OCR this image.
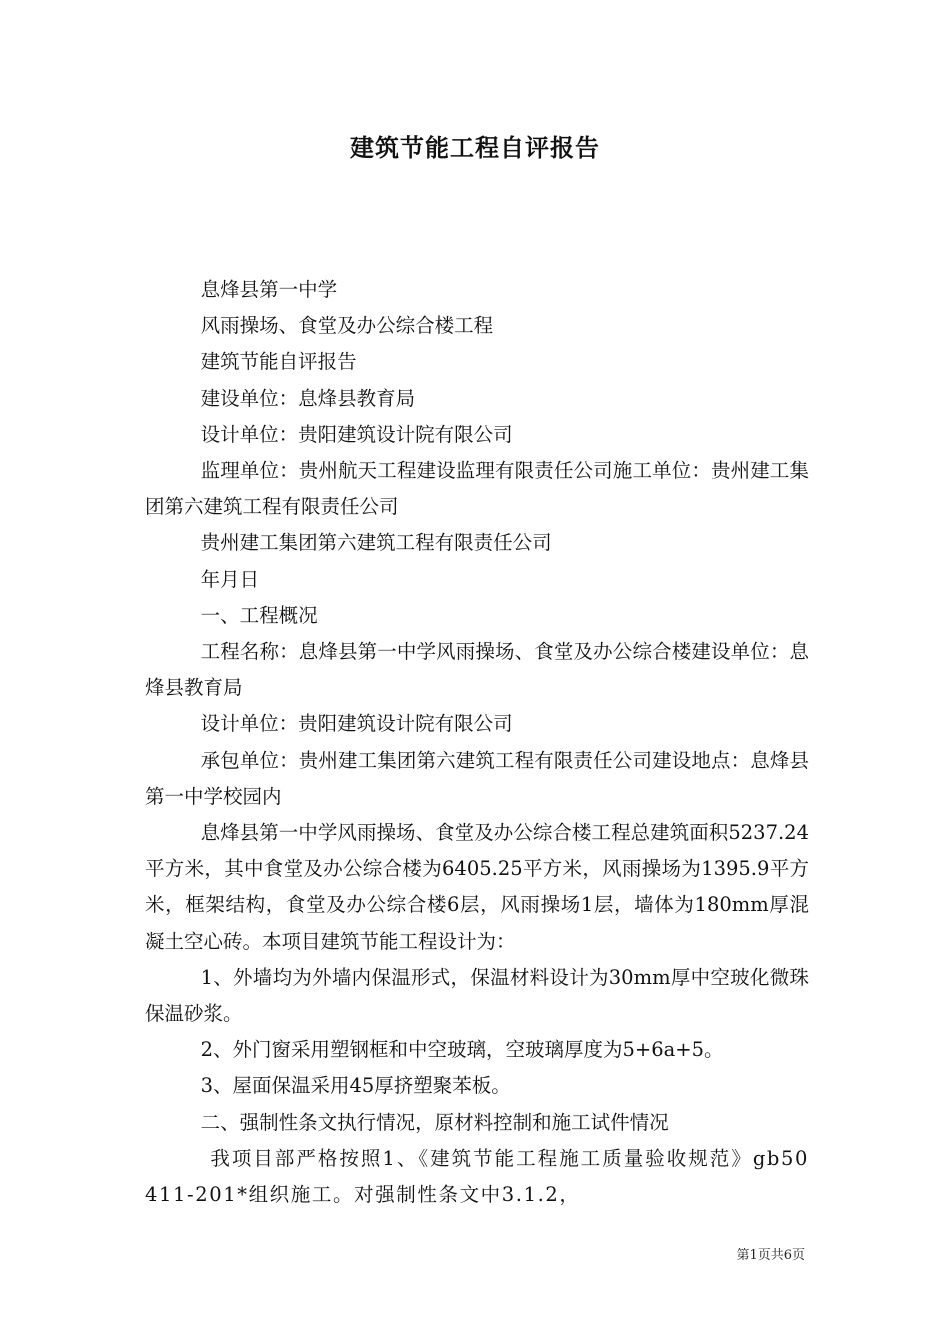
建筑节能工程自评报告

息烽县第一中学

风雨操场、食堂及办公综合楼工程

建筑节能自评报告

建设单位：息烽县教育局

设计单位：贵阳建筑设计院有限公司

监理单位：贵州航天工程建设监理有限责任公司施工单位：贵州建工集团第六建筑工程有限责任公司

贵州建工集团第六建筑工程有限责任公司

年月日

一、工程概况

工程名称：息烽县第一中学风雨操场、食堂及办公综合楼建设单位：息烽县教育局

设计单位：贵阳建筑设计院有限公司

承包单位：贵州建工集团第六建筑工程有限责任公司建设地点：息烽县第一中学校园内

息烽县第一中学风雨操场、食堂及办公综合楼工程总建筑面积5237.24平方米，其中食堂及办公综合楼为6405.25平方米，风雨操场为1395.9平方米，框架结构，食堂及办公综合楼6层，风雨操场1层，墙体为180mm厚混凝土空心砖。本项目建筑节能工程设计为：

1、外墙均为外墙内保温形式，保温材料设计为30mm厚中空玻化微珠保温砂浆。

2、外门窗采用塑钢框和中空玻璃，空玻璃厚度为5+6a+5。

3、屋面保温采用45厚挤塑聚苯板。

二、强制性条文执行情况，原材料控制和施工试件情况

我项目部严格按照1、《建筑节能工程施工质量验收规范》gb50411-201*组织施工。对强制性条文中3.1.2，

第1页共6页
